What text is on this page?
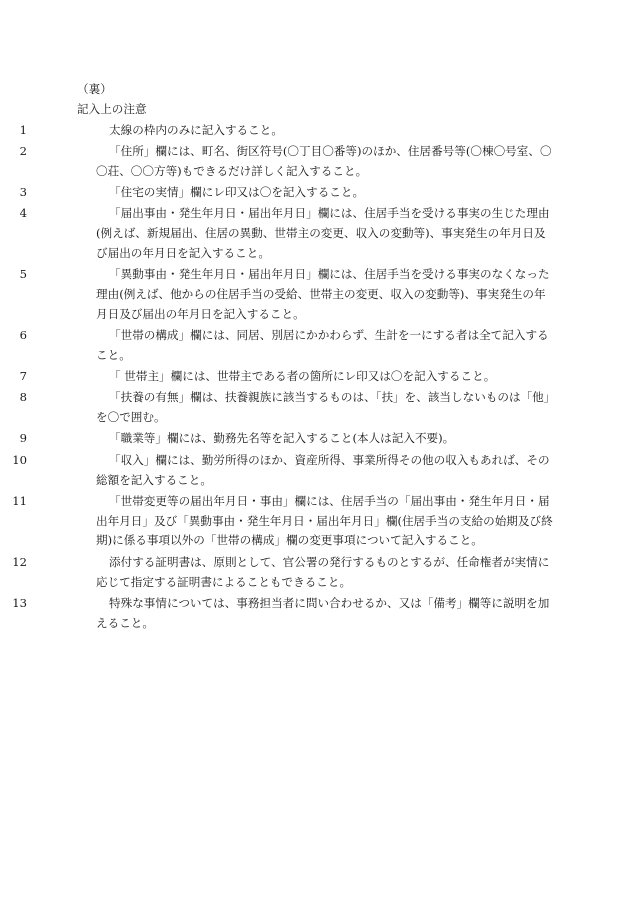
（裏）
記入上の注意
1	太線の枠内のみに記入すること。
2	「住所」欄には、町名、街区符号(〇丁目〇番等)のほか、住居番号等(〇棟〇号室、〇〇荘、〇〇方等)もできるだけ詳しく記入すること。
3	「住宅の実情」欄にレ印又は〇を記入すること。
4	「届出事由・発生年月日・届出年月日」欄には、住居手当を受ける事実の生じた理由(例えば、新規届出、住居の異動、世帯主の変更、収入の変動等)、事実発生の年月日及び届出の年月日を記入すること。
5	「異動事由・発生年月日・届出年月日」欄には、住居手当を受ける事実のなくなった理由(例えば、他からの住居手当の受給、世帯主の変更、収入の変動等)、事実発生の年月日及び届出の年月日を記入すること。
6	「世帯の構成」欄には、同居、別居にかかわらず、生計を一にする者は全て記入すること。
7	「 世帯主」欄には、世帯主である者の箇所にレ印又は〇を記入すること。
8	「扶養の有無」欄は、扶養親族に該当するものは、「扶」を、該当しないものは「他」を〇で囲む。
9	「職業等」欄には、勤務先名等を記入すること(本人は記入不要)。
10	「収入」欄には、勤労所得のほか、資産所得、事業所得その他の収入もあれば、その総額を記入すること。
11	「世帯変更等の届出年月日・事由」欄には、住居手当の「届出事由・発生年月日・届出年月日」及び「異動事由・発生年月日・届出年月日」欄(住居手当の支給の始期及び終期)に係る事項以外の「世帯の構成」欄の変更事項について記入すること。
12	添付する証明書は、原則として、官公署の発行するものとするが、任命権者が実情に応じて指定する証明書によることもできること。
13	特殊な事情については、事務担当者に問い合わせるか、又は「備考」欄等に説明を加えること。
